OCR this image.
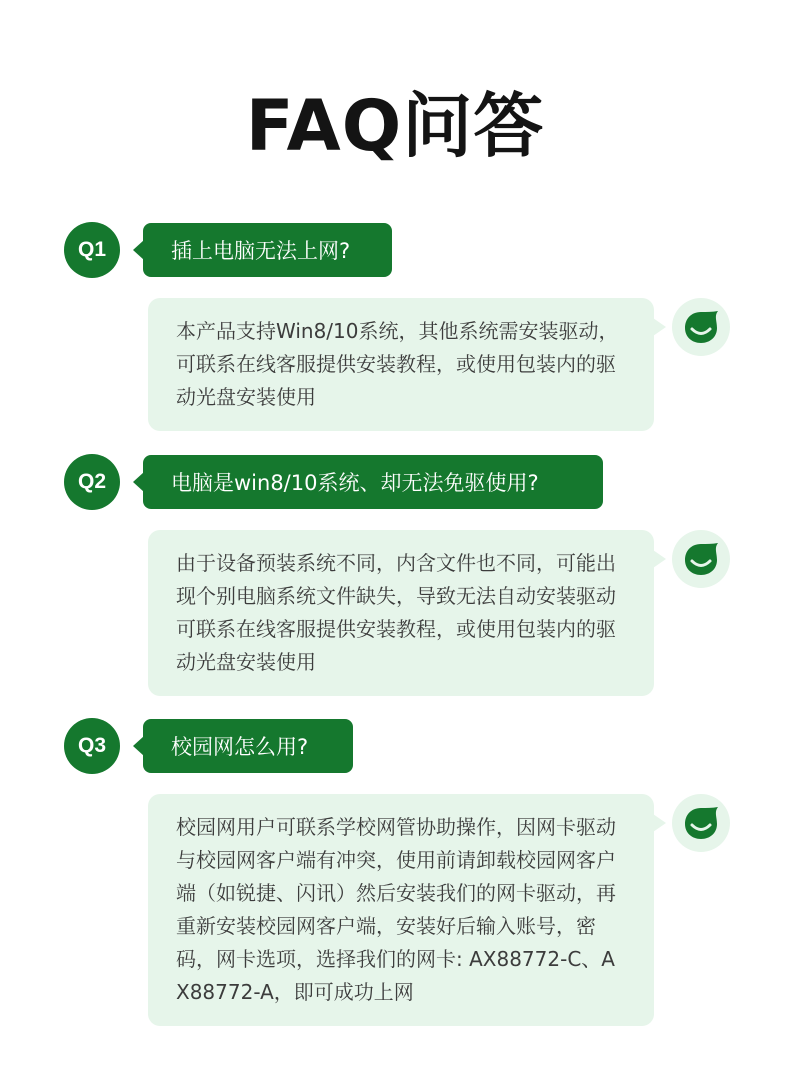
FAQ问答
Q1	插上电脑无法上网?
本产品支持Win8/10系统，其他系统需安装驱动，可联系在线客服提供安装教程，或使用包装内的驱动光盘安装使用
Q2	电脑是win8/10系统、却无法免驱使用?
由于设备预装系统不同，内含文件也不同，可能出现个别电脑系统文件缺失，导致无法自动安装驱动 可联系在线客服提供安装教程，或使用包装内的驱动光盘安装使用
Q3	校园网怎么用?
校园网用户可联系学校网管协助操作，因网卡驱动与校园网客户端有冲突，使用前请卸载校园网客户端（如锐捷、闪讯）然后安装我们的网卡驱动，再重新安装校园网客户端，安装好后输入账号，密码，网卡选项，选择我们的网卡: AX88772-C、AX88772-A，即可成功上网
